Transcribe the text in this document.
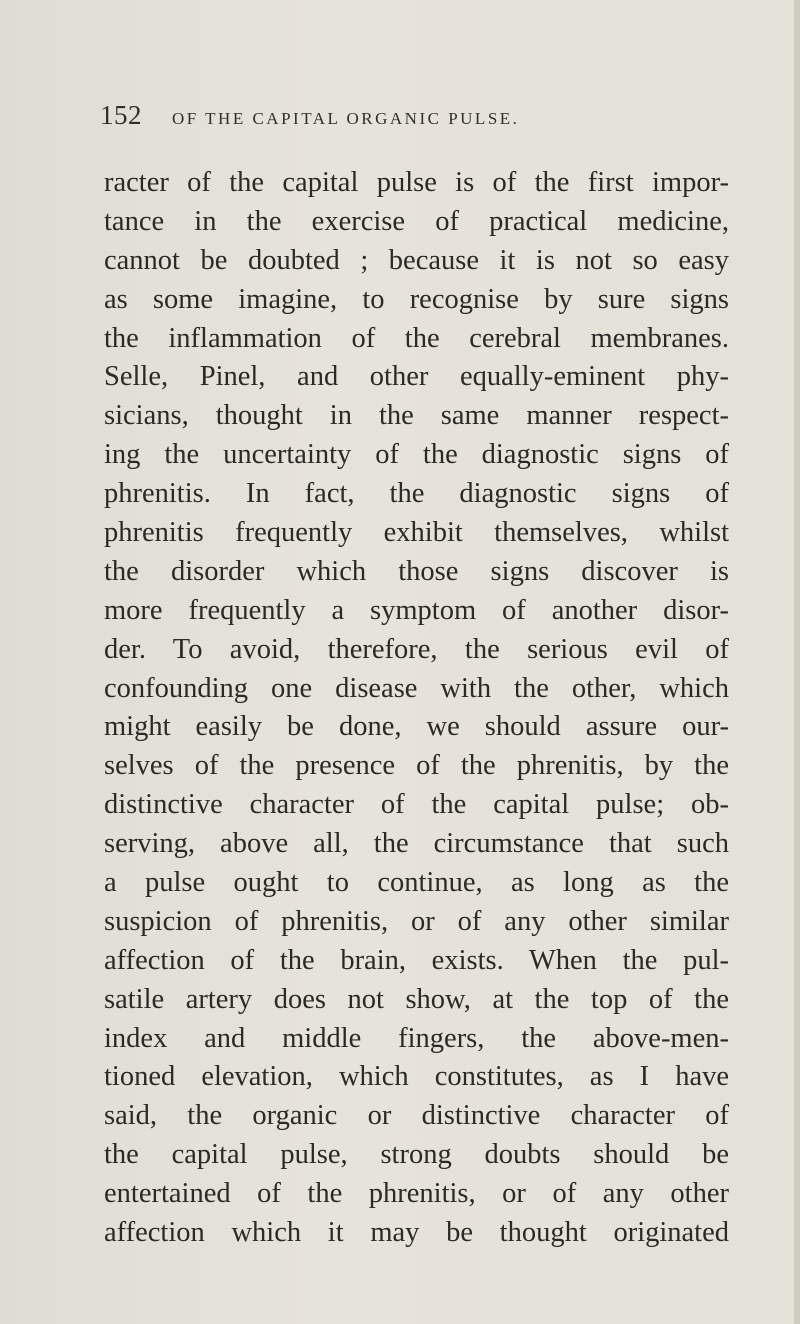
152 OF THE CAPITAL ORGANIC PULSE.
racter of the capital pulse is of the first impor-
tance in the exercise of practical medicine,
cannot be doubted ; because it is not so easy
as some imagine, to recognise by sure signs
the inflammation of the cerebral membranes.
Selle, Pinel, and other equally-eminent phy-
sicians, thought in the same manner respect-
ing the uncertainty of the diagnostic signs of
phrenitis. In fact, the diagnostic signs of
phrenitis frequently exhibit themselves, whilst
the disorder which those signs discover is
more frequently a symptom of another disor-
der. To avoid, therefore, the serious evil of
confounding one disease with the other, which
might easily be done, we should assure our-
selves of the presence of the phrenitis, by the
distinctive character of the capital pulse; ob-
serving, above all, the circumstance that such
a pulse ought to continue, as long as the
suspicion of phrenitis, or of any other similar
affection of the brain, exists. When the pul-
satile artery does not show, at the top of the
index and middle fingers, the above-men-
tioned elevation, which constitutes, as I have
said, the organic or distinctive character of
the capital pulse, strong doubts should be
entertained of the phrenitis, or of any other
affection which it may be thought originated
